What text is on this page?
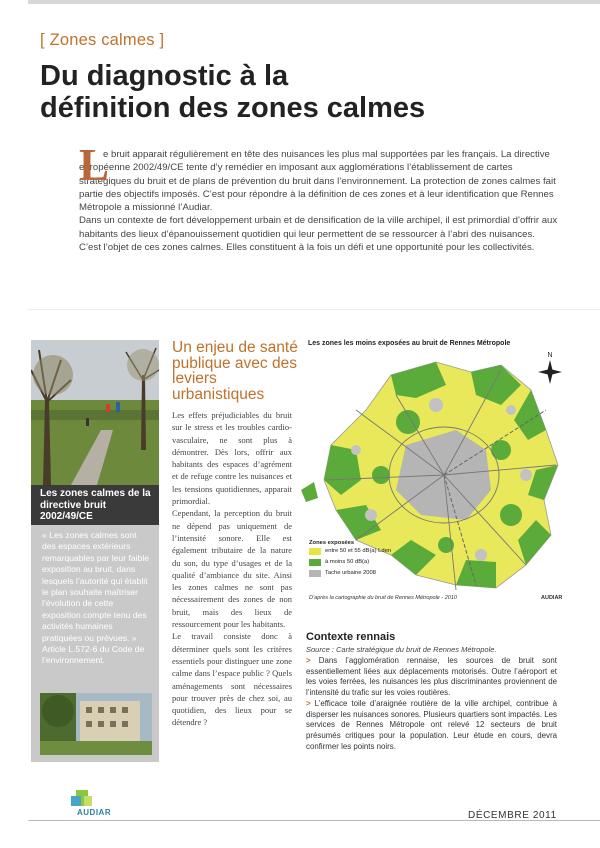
[ Zones calmes ]
Du diagnostic à la
définition des zones calmes
L

e bruit apparait régulièrement en tête des nuisances les plus mal supportées par les français. La directive européenne 2002/49/CE tente d’y remédier en imposant aux agglomérations l’établissement de cartes stratégiques du bruit et de plans de prévention du bruit dans l’environnement. La protection de zones calmes fait partie des objectifs imposés. C’est pour répondre à la définition de ces zones et à leur identification que Rennes Métropole a missionné l’Audiar.

Dans un contexte de fort développement urbain et de densification de la ville archipel, il est primordial d’offrir aux habitants des lieux d’épanouissement quotidien qui leur permettent de se ressourcer à l’abri des nuisances. C’est l’objet de ces zones calmes. Elles constituent à la fois un défi et une opportunité pour les collectivités.

Les zones calmes de la directive bruit 2002/49/CE
« Les zones calmes sont des espaces extérieurs remarquables par leur faible exposition au bruit, dans lesquels l’autorité qui établit le plan souhaite maîtriser l’évolution de cette exposition compte tenu des activités humaines pratiquées ou prévues. » Article L.572-6 du Code de l’environnement.
Un enjeu de santé publique avec des leviers urbanistiques

Les effets préjudiciables du bruit sur le stress et les troubles cardio-vasculaire, ne sont plus à démontrer. Dès lors, offrir aux habitants des espaces d’agrément et de refuge contre les nuisances et les tensions quotidiennes, apparait primordial.

Cependant, la perception du bruit ne dépend pas uniquement de l’intensité sonore. Elle est également tributaire de la nature du son, du type d’usages et de la qualité d’ambiance du site. Ainsi les zones calmes ne sont pas nécessairement des zones de non bruit, mais des lieux de ressourcement pour les habitants.

Le travail consiste donc à déterminer quels sont les critères essentiels pour distinguer une zone calme dans l’espace public ? Quels aménagements sont nécessaires pour trouver près de chez soi, au quotidien, des lieux pour se détendre ?

Les zones les moins exposées au bruit de Rennes Métropole
N
Zones exposées
entre 50 et 55 dB(a) Lden
à moins 50 dB(a)
Tache urbaine 2008
D’après la cartographie du bruit de Rennes Métropole - 2010	AUDIAR
Contexte rennais
Source : Carte stratégique du bruit de Rennes Métropole.

> Dans l’agglomération rennaise, les sources de bruit sont essentiellement liées aux déplacements motorisés. Outre l’aéroport et les voies ferrées, les nuisances les plus discriminantes proviennent de l’intensité du trafic sur les voies routières.

> L’efficace toile d’araignée routière de la ville archipel, contribue à disperser les nuisances sonores. Plusieurs quartiers sont impactés. Les services de Rennes Métropole ont relevé 12 secteurs de bruit présumés critiques pour la population. Leur étude en cours, devra confirmer les points noirs.

AUDIAR	DÉCEMBRE 2011
